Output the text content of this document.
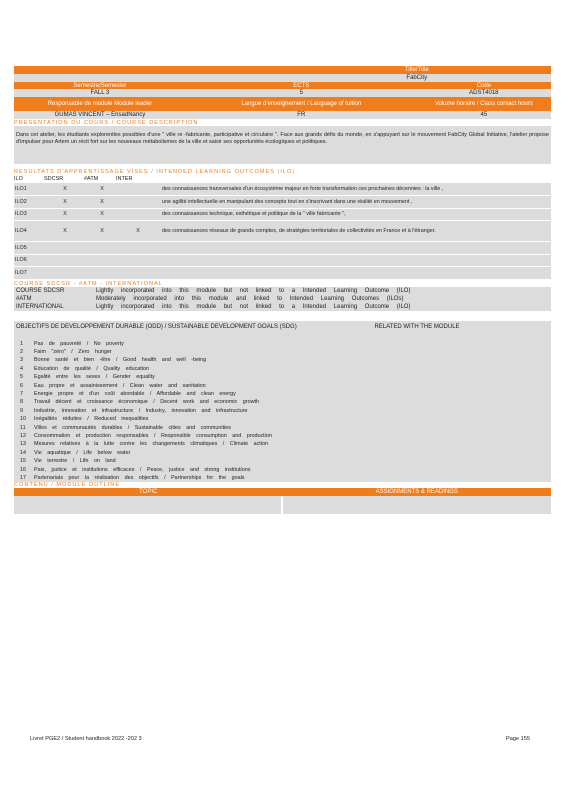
Title/Title
FabCity
Semestre/Semester	ECTS	Code
FALL 3	5	ADST4018
Responsable de module Module leader	Langue d'enseignement / Language of tuition	Volume horaire / Class contact hours
GUMAS VINCENT – EnsadNancy	FR	45
PRESENTATION DU COURS / COURSE DESCRIPTION
Dans cet atelier, les étudiants explorentles possibles d'une " ville re -fabricante, participative et circulaire ". Face aux grands défis du monde, en s'appuyant sur le mouvement FabCity Global Initiative, l'atelier propose d'impulser pour Artem un récit fort sur les nouveaux métabolismes de la ville et saisir ses opportunités écologiques et politiques.
RESULTATS D'APPRENTISSAGE VISES / INTENDED LEARNING OUTCOMES (ILO)
ILO	SDCSR	#ATM	INTER
ILO1	X	X		des connaissances transversales d'un écosystème majeur en forte transformation ces prochaines décennies : la ville ,
ILO2	X	X		une agilité intellectuelle en manipulant des concepts tout en s'inscrivant dans une réalité en mouvement ,
ILO3	X	X		des connaissances technique, esthétique et politique de la " ville fabricante ",
ILO4	X	X	X	des connaissances réseaux de grands comptes, de stratégies territoriales de collectivités en France et à l'étranger.
ILO5				
ILO6				
ILO7				
COURSE SDCSR - #ATM - INTERNATIONAL
COURSE SDCSR	Lightly incorporated into this module but not linked to a Intended Learning Outcome (ILO)
#ATM	Moderately incorporated into this module and linked to Intended Learning Outcomes (ILOs)
INTERNATIONAL	Lightly incorporated into this module but not linked to a Intended Learning Outcome (ILO)
OBJECTIFS DE DEVELOPPEMENT DURABLE (ODD) / SUSTAINABLE DEVELOPMENT GOALS (SDG)	RELATED WITH THE MODULE
1	Pas de pauvreté / No poverty
2	Faim "zéro" / Zero hunger
3	Bonne santé et bien -être / Good health and well -being
4	Education de qualité / Quality education
5	Egalité entre les sexes / Gender equality
6	Eau propre et assainissement / Clean water and sanitation
7	Energie propre et d'un coût abordable / Affordable and clean energy
8	Travail décent et croissance économique / Decent work and economic growth
9	Industrie, innovation et infrastructure / Industry, innovation and infrastructure
10	Inégalités réduites / Reduced inequalities
11	Villes et communautés durables / Sustainable cities and communities
12	Consommation et production responsables / Responsible consumption and production
13	Mesures relatives à la lutte contre les changements climatiques / Climate action
14	Vie aquatique / Life below water
15	Vie terrestre / Life on land
16	Paix, justice et institutions efficaces / Peace, justice and strong institutions
17	Partenariats pour la réalisation des objectifs / Partnerships for the goals
CONTENU / MODULE OUTLINE
TOPIC	ASSIGNMENTS & READINGS
Livret PGE2 / Student handbook 2022 -202 3	Page 155
